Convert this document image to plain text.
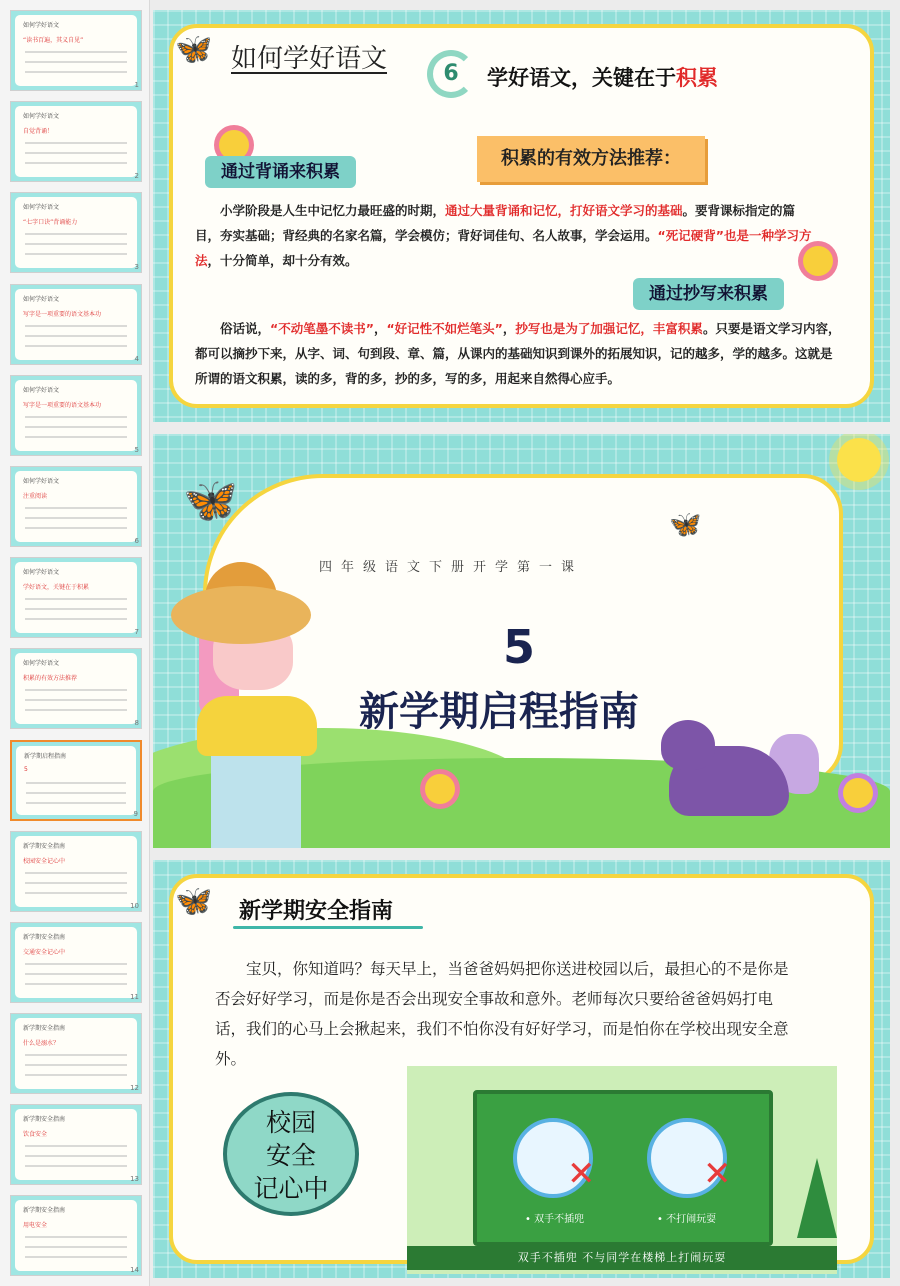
如何学好语文
“读书百遍，其义自见”
1
如何学好语文
自觉背诵！
2
如何学好语文
“七字口诀”背诵能力
3
如何学好语文
写字是一项重要的语文基本功
4
如何学好语文
写字是一项重要的语文基本功
5
如何学好语文
注重阅读
6
如何学好语文
学好语文，关键在于积累
7
如何学好语文
积累的有效方法推荐
8
新学期启程指南
5
9
新学期安全指南
校园安全记心中
10
新学期安全指南
交通安全记心中
11
新学期安全指南
什么是溺水？
12
新学期安全指南
饮食安全
13
新学期安全指南
用电安全
14
🦋 如何学好语文
6	学好语文，关键在于积累
积累的有效方法推荐：
通过背诵来积累
小学阶段是人生中记忆力最旺盛的时期，通过大量背诵和记忆，打好语文学习的基础。要背课标指定的篇目，夯实基础；背经典的名家名篇，学会模仿；背好词佳句、名人故事，学会运用。“死记硬背”也是一种学习方法，十分简单，却十分有效。
通过抄写来积累
俗话说，“不动笔墨不读书”，“好记性不如烂笔头”，抄写也是为了加强记忆，丰富积累。只要是语文学习内容，都可以摘抄下来，从字、词、句到段、章、篇，从课内的基础知识到课外的拓展知识，记的越多，学的越多。这就是所谓的语文积累，读的多，背的多，抄的多，写的多，用起来自然得心应手。
🦋	🦋
四年级语文下册开学第一课
5
新学期启程指南
🦋 新学期安全指南
宝贝，你知道吗？每天早上，当爸爸妈妈把你送进校园以后，最担心的不是你是否会好好学习，而是你是否会出现安全事故和意外。老师每次只要给爸爸妈妈打电话，我们的心马上会揪起来，我们不怕你没有好好学习，而是怕你在学校出现安全意外。
校园
安全
记心中	✕	✕
• 双手不插兜	• 不打闹玩耍
双手不插兜 不与同学在楼梯上打闹玩耍
